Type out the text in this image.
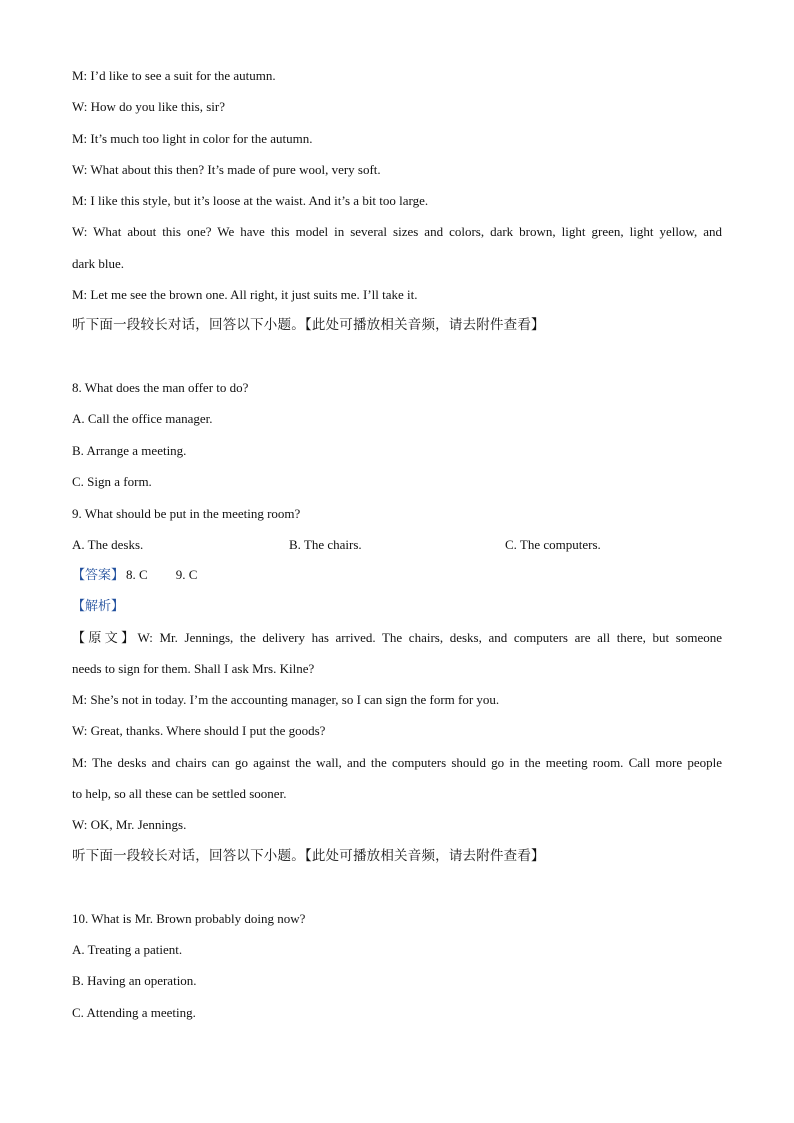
M: I’d like to see a suit for the autumn.
W: How do you like this, sir?
M: It’s much too light in color for the autumn.
W: What about this then? It’s made of pure wool, very soft.
M: I like this style, but it’s loose at the waist. And it’s a bit too large.
W: What about this one? We have this model in several sizes and colors, dark brown, light green, light yellow, and
dark blue.
M: Let me see the brown one. All right, it just suits me. I’ll take it.
听下面一段较长对话，回答以下小题。【此处可播放相关音频，请去附件查看】
8. What does the man offer to do?
A. Call the office manager.
B. Arrange a meeting.
C. Sign a form.
9. What should be put in the meeting room?
A. The desks.	B. The chairs.	C. The computers.
【答案】 8. C 9. C
【解析】
【原文】W: Mr. Jennings, the delivery has arrived. The chairs, desks, and computers are all there, but someone
needs to sign for them. Shall I ask Mrs. Kilne?
M: She’s not in today. I’m the accounting manager, so I can sign the form for you.
W: Great, thanks. Where should I put the goods?
M: The desks and chairs can go against the wall, and the computers should go in the meeting room. Call more people
to help, so all these can be settled sooner.
W: OK, Mr. Jennings.
听下面一段较长对话，回答以下小题。【此处可播放相关音频，请去附件查看】
10. What is Mr. Brown probably doing now?
A. Treating a patient.
B. Having an operation.
C. Attending a meeting.
